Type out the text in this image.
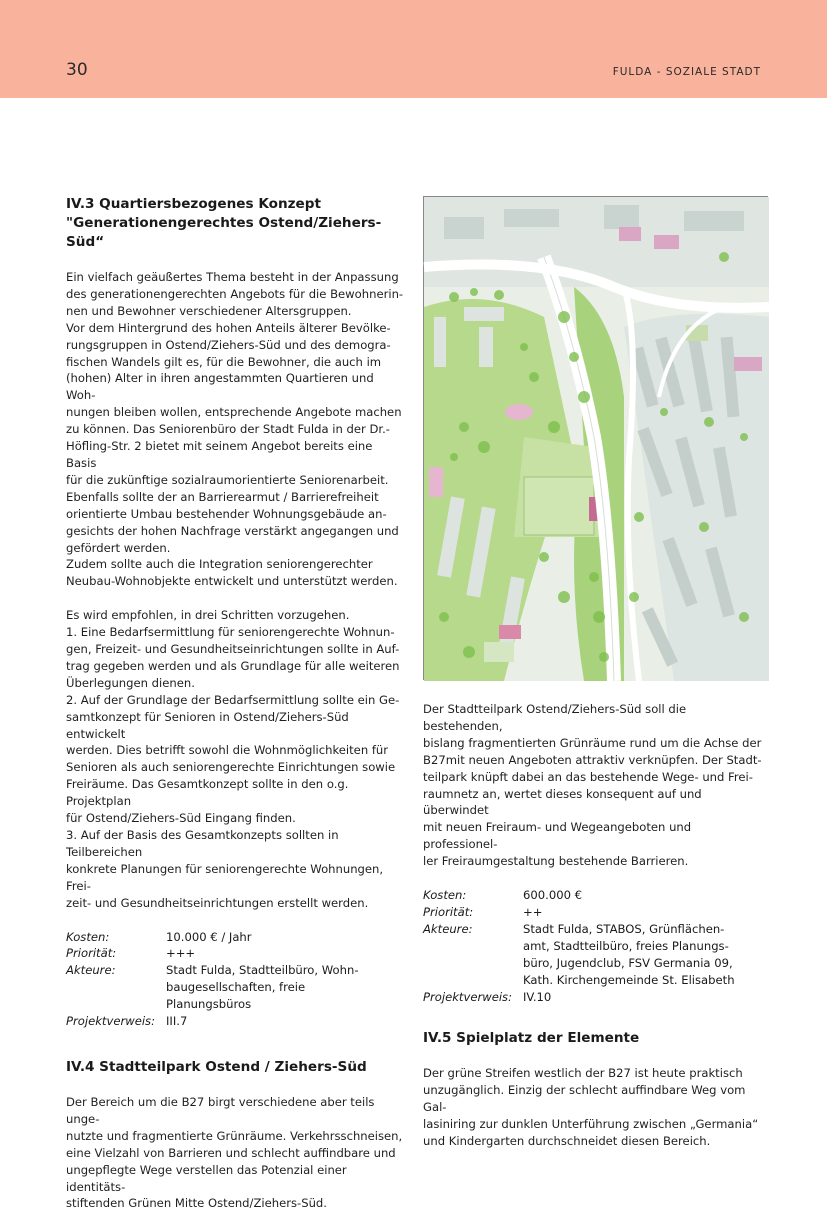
30	FULDA - SOZIALE STADT
IV.3 Quartiersbezogenes Konzept
"Generationengerechtes Ostend/Ziehers-Süd“

Ein vielfach geäußertes Thema besteht in der Anpassung
des generationengerechten Angebots für die Bewohnerin-
nen und Bewohner verschiedener Altersgruppen.
Vor dem Hintergrund des hohen Anteils älterer Bevölke-
rungsgruppen in Ostend/Ziehers-Süd und des demogra-
fischen Wandels gilt es, für die Bewohner, die auch im
(hohen) Alter in ihren angestammten Quartieren und Woh-
nungen bleiben wollen, entsprechende Angebote machen
zu können. Das Seniorenbüro der Stadt Fulda in der Dr.-
Höfling-Str. 2 bietet mit seinem Angebot bereits eine Basis
für die zukünftige sozialraumorientierte Seniorenarbeit.
Ebenfalls sollte der an Barrierearmut / Barrierefreiheit
orientierte Umbau bestehender Wohnungsgebäude an-
gesichts der hohen Nachfrage verstärkt angegangen und
gefördert werden.
Zudem sollte auch die Integration seniorengerechter
Neubau-Wohnobjekte entwickelt und unterstützt werden.

Es wird empfohlen, in drei Schritten vorzugehen.
1. Eine Bedarfsermittlung für seniorengerechte Wohnun-
gen, Freizeit- und Gesundheitseinrichtungen sollte in Auf-
trag gegeben werden und als Grundlage für alle weiteren
Überlegungen dienen.
2. Auf der Grundlage der Bedarfsermittlung sollte ein Ge-
samtkonzept für Senioren in Ostend/Ziehers-Süd entwickelt
werden. Dies betrifft sowohl die Wohnmöglichkeiten für
Senioren als auch seniorengerechte Einrichtungen sowie
Freiräume. Das Gesamtkonzept sollte in den o.g. Projektplan
für Ostend/Ziehers-Süd Eingang finden.
3. Auf der Basis des Gesamtkonzepts sollten in Teilbereichen
konkrete Planungen für seniorengerechte Wohnungen, Frei-
zeit- und Gesundheitseinrichtungen erstellt werden.

Kosten:	10.000 € / Jahr
Priorität:	+++
Akteure:	Stadt Fulda, Stadtteilbüro, Wohn-
baugesellschaften, freie
Planungsbüros
Projektverweis: III.7
IV.4 Stadtteilpark Ostend / Ziehers-Süd

Der Bereich um die B27 birgt verschiedene aber teils unge-
nutzte und fragmentierte Grünräume. Verkehrsschneisen,
eine Vielzahl von Barrieren und schlecht auffindbare und
ungepflegte Wege verstellen das Potenzial einer identitäts-
stiftenden Grünen Mitte Ostend/Ziehers-Süd.

Der Stadtteilpark Ostend/Ziehers-Süd soll die bestehenden,
bislang fragmentierten Grünräume rund um die Achse der
B27mit neuen Angeboten attraktiv verknüpfen. Der Stadt-
teilpark knüpft dabei an das bestehende Wege- und Frei-
raumnetz an, wertet dieses konsequent auf und überwindet
mit neuen Freiraum- und Wegeangeboten und professionel-
ler Freiraumgestaltung bestehende Barrieren.

Kosten:	600.000 €
Priorität:	++
Akteure:	Stadt Fulda, STABOS, Grünflächen-
amt, Stadtteilbüro, freies Planungs-
büro, Jugendclub, FSV Germania 09,
Kath. Kirchengemeinde St. Elisabeth
Projektverweis: IV.10
IV.5 Spielplatz der Elemente

Der grüne Streifen westlich der B27 ist heute praktisch
unzugänglich. Einzig der schlecht auffindbare Weg vom Gal-
lasiniring zur dunklen Unterführung zwischen „Germania“
und Kindergarten durchschneidet diesen Bereich.
